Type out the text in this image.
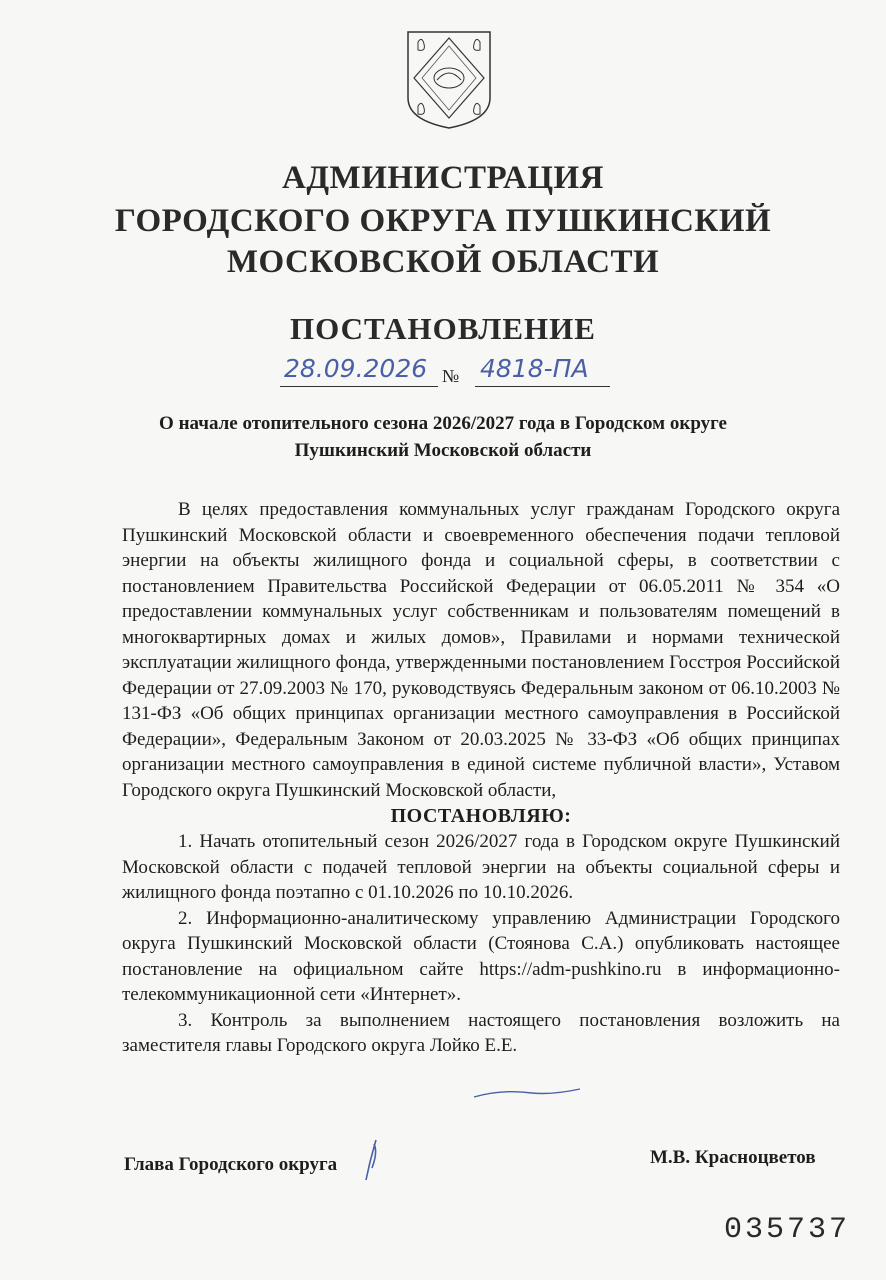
АДМИНИСТРАЦИЯ
ГОРОДСКОГО ОКРУГА ПУШКИНСКИЙ
МОСКОВСКОЙ ОБЛАСТИ
ПОСТАНОВЛЕНИЕ
28.09.2026 № 4818-ПА
О начале отопительного сезона 2026/2027 года в Городском округе
Пушкинский Московской области

В целях предоставления коммунальных услуг гражданам Городского округа Пушкинский Московской области и своевременного обеспечения подачи тепловой энергии на объекты жилищного фонда и социальной сферы, в соответствии с постановлением Правительства Российской Федерации от 06.05.2011 № 354 «О предоставлении коммунальных услуг собственникам и пользователям помещений в многоквартирных домах и жилых домов», Правилами и нормами технической эксплуатации жилищного фонда, утвержденными постановлением Госстроя Российской Федерации от 27.09.2003 № 170, руководствуясь Федеральным законом от 06.10.2003 № 131-ФЗ «Об общих принципах организации местного самоуправления в Российской Федерации», Федеральным Законом от 20.03.2025 № 33-ФЗ «Об общих принципах организации местного самоуправления в единой системе публичной власти», Уставом Городского округа Пушкинский Московской области,

ПОСТАНОВЛЯЮ:
1. Начать отопительный сезон 2026/2027 года в Городском округе Пушкинский Московской области с подачей тепловой энергии на объекты социальной сферы и жилищного фонда поэтапно с 01.10.2026 по 10.10.2026.
2. Информационно-аналитическому управлению Администрации Городского округа Пушкинский Московской области (Стоянова С.А.) опубликовать настоящее постановление на официальном сайте https://adm-pushkino.ru в информационно-телекоммуникационной сети «Интернет».
3. Контроль за выполнением настоящего постановления возложить на заместителя главы Городского округа Лойко Е.Е.
Глава Городского округа	М.В. Красноцветов
035737
